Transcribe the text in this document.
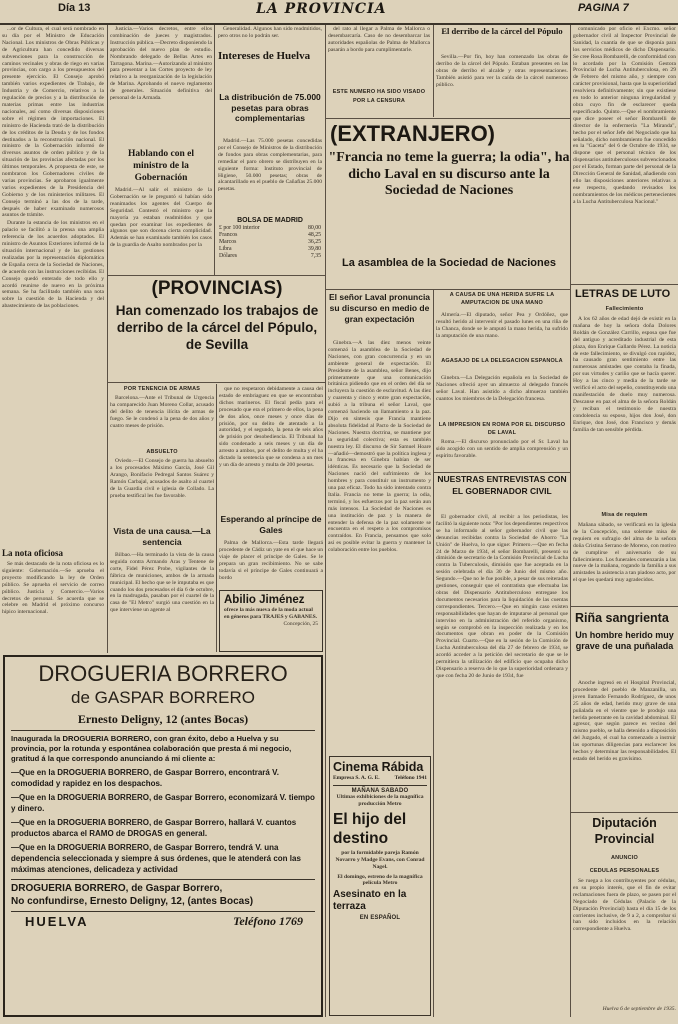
Día 13	LA PROVINCIA	PAGINA 7

...or de Cultura, el cual será nombrado en su día por el Ministro de Educación Nacional. Los ministros de Obras Públicas y de Agricultura han concedido diversas subvenciones para la construcción de caminos vecinales y obras de riego en varias provincias, con cargo a los presupuestos del presente ejercicio. El Consejo aprobó también varios expedientes de Trabajo, de Industria y de Comercio, relativos a la regulación de precios y a la distribución de materias primas entre las industrias nacionales, así como diversas disposiciones sobre el régimen de importaciones. El ministro de Hacienda trató de la distribución de los créditos de la Deuda y de los fondos destinados a la reconstrucción nacional. El ministro de la Gobernación informó de diversos asuntos de orden público y de la situación de las provincias afectadas por los últimos temporales. A propuesta de este, se nombraron los Gobernadores civiles de varias provincias. Se aprobaron igualmente varios expedientes de la Presidencia del Gobierno y de los ministerios militares. El Consejo terminó a las dos de la tarde, después de haber examinado numerosos asuntos de trámite.

Durante la estancia de los ministros en el palacio se facilitó a la prensa una amplia referencia de los acuerdos adoptados. El ministro de Asuntos Exteriores informó de la situación internacional y de las gestiones realizadas por la representación diplomática de España cerca de la Sociedad de Naciones, de acuerdo con las instrucciones recibidas. El Consejo quedó enterado de todo ello y acordó reunirse de nuevo en la próxima semana. Se ha facilitado también una nota sobre la cuestión de la Hacienda y del abastecimiento de las poblaciones.

La nota oficiosa

Se más destacado de la nota oficiosa es lo siguiente: Gobernación.—Se aprueba el proyecto modificando la ley de Orden público. Se aprueba el servicio de correo público. Justicia y Comercio.—Varios decretos de personal. Se acuerda que se celebre en Madrid el próximo concurso hípico internacional.

Justicia.—Varios decretos, entre ellos combinación de jueces y magistrados. Instrucción pública.—Decreto disponiendo la aprobación del nuevo plan de estudio. Nombrando delegado de Bellas Artes en Tarragona. Marina.—Autorizando al ministro para presentar a las Cortes proyecto de ley relativo a la reorganización de la legislación de Marina. Aprobando el nuevo reglamento de generales. Situación definitiva del personal de la Armada.

Hablando con el ministro de la Gobernación

Madrid.—Al salir el ministro de la Gobernación se le preguntó si habían sido reanimados los agentes del Cuerpo de Seguridad. Contestó el ministro que la mayoría ya estaban readmitidos y que quedan por examinar los expedientes de algunos que son docena cierta complicidad. Además se han examinado también los casos de la guardia de Asalto nombrados por la

Generalidad. Algunos han sido readmitidos, pero otros no lo podrán ser.

Intereses de Huelva
La distribución de 75.000 pesetas para obras complementarias

Madrid.—Las 75.000 pesetas concedidas por el Consejo de Ministros de la distribución de fondos para obras complementarias, para remediar el paro obrero se distribuyen en la siguiente forma: Instituto provincial de Higiene, 50.000 pesetas; obras de alcantarillado en el pueblo de Cañafías 25.000 pesetas.

BOLSA DE MADRID
£ por 100 interior	80,00
Francos	48,25
Marcos	36,25
Libra	39,80
Dólares	7,35

del rato al llegar a Palma de Mallorca o desembarcaría. Caso de no desembarcar las autoridades españolas de Palma de Mallorca pasarán a bordo para cumplimentarle.

ESTE NUMERO HA SIDO VISADO POR LA CENSURA
El derribo de la cárcel del Pópulo

Sevilla.—Por fin, hoy han comenzado las obras de derribo de la cárcel del Pópulo. Estaban presentes en las obras de derribo el alcalde y otras representaciones. También asistió para ver la caída de la cárcel numeroso público.

(EXTRANJERO)
"Francia no teme la guerra; la odia", ha dicho Laval en su discurso ante la Sociedad de Naciones
La asamblea de la Sociedad de Naciones
El señor Laval pronuncia su discurso en medio de gran expectación

Ginebra.—A las diez menos veinte comenzó la asamblea de la Sociedad de Naciones, con gran concurrencia y en un ambiente general de expectación. El Presidente de la asamblea, señor Benes, dijo primeramente que una comunicación británica pidiendo que en el orden del día se incluyera la cuestión de esclavitud. A las diez y cuarenta y cinco y entre gran expectación, subió a la tribuna el señor Laval, que comenzó haciendo un llamamiento a la paz. Dijo en síntesis que Francia mantiene absoluta fidelidad al Pacto de la Sociedad de Naciones. Nuestra doctrina, se mantiene por la seguridad colectiva; esta es también nuestra ley. El discurso de Sir Samuel Hoare—añadió—demostró que la política inglesa y la francesa en Ginebra habían de ser idénticas. Es necesario que la Sociedad de Naciones nació del sufrimiento de los hombres y para constituir un instrumento y una paz eficaz. Todo ha sido intentado contra Italia. Francia no teme la guerra; la odia, terminó, y los esfuerzos por la paz serán aun más intensos. La Sociedad de Naciones es una institución de paz y la manera de entender la defensa de la paz solamente se encuentra en el respeto a los compromisos contraídos. En Francia, pensamos que solo así es posible evitar la guerra y mantener la colaboración entre los pueblos.

A CAUSA DE UNA HERIDA SUFRE LA AMPUTACION DE UNA MANO

Almería.—El diputado, señor Pea y Ordóñez, que resultó herido al intervenir el pasado lunes en una riña de la Chanca, donde se le amputó la mano herida, ha sufrido la amputación de una mano.

AGASAJO DE LA DELEGACION ESPAÑOLA

Ginebra.—La Delegación española en la Sociedad de Naciones ofreció ayer un almuerzo al delegado francés señor Laval. Han asistido a dicho almuerzo también cuantos los miembros de la Delegación francesa.

LA IMPRESION EN ROMA POR EL DISCURSO DE LAVAL

Roma.—El discurso pronunciado por el Sr. Laval ha sido acogido con un sentido de amplia comprensión y un espíritu favorable.

NUESTRAS ENTREVISTAS CON EL GOBERNADOR CIVIL

El gobernador civil, al recibir a los periodistas, les facilitó la siguiente nota: "Por los dependientes respectivos se ha informado al señor gobernador civil que las denuncias recibidas contra la Sociedad de Ahorro "La Unión" de Huelva, lo que sigue: Primero.—Que en fecha 24 de Marzo de 1934, el señor Bombarelli, presentó su dimisión de secretario de la Comisión Provincial de Lucha contra la Tuberculosis, dimisión que fue aceptada en la sesión celebrada el día 30 de Junio del mismo año. Segundo.—Que no le fue posible, a pesar de sus reiteradas gestiones, conseguir que el contratista que efectuaba las obras del Dispensario Antituberculoso entregase los documentos necesarios para la liquidación de las cuentas correspondientes. Tercero.—Que en ningún caso existen responsabilidades que hayan de imputarse al personal que intervino en la administración del referido organismo, según se comprobó en la inspección realizada y en los documentos que obran en poder de la Comisión Provincial. Cuarto.—Que en la sesión de la Comisión de Lucha Antituberculosa del día 27 de febrero de 1934, se acordó acceder a la petición del secretario de que se le permitiera la utilización del edificio que ocupaba dicho Dispensario a reserva de lo que la superioridad ordenara y que con fecha 20 de Junio de 1934, fue

comunicado por oficio el Excmo. señor gobernador civil al Inspector Provincial de Sanidad, la cuantía de que se disponía para los servicios médicos de dicho Dispensario. Se cree Rosa Bombarelli, de conformidad con lo acordado por la Comisión Gestora Provincial de Lucha Antituberculosa, en 29 de Febrero del mismo año, y siempre con carácter provisional, hasta que la superioridad resolviera definitivamente; sin que existiese en todo lo anterior ninguna irregularidad y obra cuyo fin de esclarecer queda especificado. Quinto.—Que el nombramiento que dice poseer el señor Bombarelli de director de la enfermería "La Miranda", hecho por el señor Jefe del Negociado que ha señalado, dicho nombramiento fue concedido en la "Gaceta" del 6 de Octubre de 1934, se dispone que el personal técnico de los dispensarios antituberculosos subvencionados por el Estado, forman parte del personal de la Dirección General de Sanidad, añadiendo con ello las disposiciones anteriores relativas a ese respecto, quedando revisados los nombramientos de los médicos pertenecientes a la Lucha Antituberculosa Nacional."

LETRAS DE LUTO
Fallecimiento

A los 62 años de edad dejó de existir en la mañana de hoy la señora doña Dolores Roldán de González Carrillo, esposa que fue del antiguo y acreditado industrial de esta plaza, don Enrique Gallardo Pérez. La noticia de este fallecimiento, se divulgó con rapidez, ha causado gran sentimiento entre las numerosas amistades que contaba la finada, por sus virtudes y cariño que se hacía querer. Hoy a las cinco y media de la tarde se verificó el acto del sepelio, constituyendo una manifestación de duelo muy numerosa. Descanse en paz el alma de la señora Roldán y reciban el testimonio de nuestra condolencia su esposo, hijos don José, don Enrique, don José, don Francisco y demás familia de tan sensible pérdida.

Misa de requiem

Mañana sábado, se verificará en la iglesia de la Concepción, una solemne misa de requiem en sufragio del alma de la señora doña Cristina Serrano de Moreno, con motivo de cumplirse el aniversario de su fallecimiento. Los funerales comenzarán a las nueve de la mañana, rogando la familia a sus amistades la asistencia a tan piadoso acto, por el que les quedará muy agradecidos.

Riña sangrienta
Un hombre herido muy grave de una puñalada

Anoche ingresó en el Hospital Provincial, procedente del pueblo de Manzanilla, un joven llamado Fernando Rodríguez, de unos 25 años de edad, herido muy grave de una puñalada en el vientre que le produjo una herida penetrante en la cavidad abdominal. El agresor, que según parece es vecino del mismo pueblo, se halla detenido a disposición del Juzgado, el cual ha comenzado a instruir las oportunas diligencias para esclarecer los hechos y determinar las responsabilidades. El estado del herido es gravísimo.

Diputación Provincial
ANUNCIO
CEDULAS PERSONALES

Se ruega a los contribuyentes por cédulas, en su propio interés, que el fin de evitar reclamaciones fuera de plazo, se pasen por el Negociado de Cédulas (Palacio de la Diputación Provincial) hasta el día 15 de los corrientes inclusive, de 9 a 2, a comprobar si han sido incluidos en la relación correspondiente a Huelva.

Huelva 6 de septiembre de 1935.
(PROVINCIAS)
Han comenzado los trabajos de derribo de la cárcel del Pópulo, de Sevilla
POR TENENCIA DE ARMAS

Barcelona.—Ante el Tribunal de Urgencia ha comparecido Juan Moreno Collar, acusado del delito de tenencia ilícita de armas de fuego. Se le condenó a la pena de dos años y cuatro meses de prisión.

ABSUELTO

Oviedo.—El Consejo de guerra ha absuelto a los procesados Máximo García, José Gil Arango, Bonifacio Pedregal Santos Suárez y Ramón Carbajal, acusados de asalto al cuartel de la Guardia civil e iglesia de Collado. La prueba testifical les fue favorable.

Vista de una causa.—La sentencia

Bilbao.—Ha terminado la vista de la causa seguida contra Armando Aras y Tentene de corte, Fidel Pérez Probe, vigilantes de la fábrica de municiones, ambos de la armada municipal. El hecho que se le imputaba es que cuando los dos procesados el día 6 de octubre, en la madrugada, pasaban por el cuartel de la casa de "El Metro" surgió una cuestión en la que interviene un agente al

que no respetaron debidamente a causa del estado de embriaguez en que se encontraban dichos marineros. El fiscal pedía para el procesado que era el primero de ellos, la pena de dos años, once meses y once días de prisión, por su delito de atentado a la autoridad, y el segundo, la pena de seis años de prisión por desobediencia. El Tribunal ha sido condenado a seis meses y un día de arresto a ambos, por el delito de multa y el ha dictado la sentencia que se condena a un mes y un día de arresto y multa de 200 pesetas.

Esperando al príncipe de Gales

Palma de Mallorca.—Esta tarde llegará procedente de Cádiz un yate en el que hace un viaje de placer el príncipe de Gales. Se le prepara un gran recibimiento. No se sabe todavía si el príncipe de Gales continuará a bordo

Abilio Jiménez
ofrece la más nueva de la moda actual en géneros para TRAJES y GABANES.
Concepción, 25
DROGUERIA BORRERO
de GASPAR BORRERO
Ernesto Deligny, 12 (antes Bocas)
Inaugurada la DROGUERIA BORRERO, con gran éxito, debo a Huelva y su provincia, por la rotunda y espontánea colaboración que presta á mi negocio, gratitud á la que correspondo anunciando á mi cliente a:
—Que en la DROGUERIA BORRERO, de Gaspar Borrero, encontrará V. comodidad y rapidez en los despachos.
—Que en la DROGUERIA BORRERO, de Gaspar Borrero, economizará V. tiempo y dinero.
—Que en la DROGUERIA BORRERO, de Gaspar Borrero, hallará V. cuantos productos abarca el RAMO de DROGAS en general.
—Que en la DROGUERIA BORRERO, de Gaspar Borrero, tendrá V. una dependencia seleccionada y siempre á sus órdenes, que le atenderá con las máximas atenciones, delicadeza y actividad
DROGUERIA BORRERO, de Gaspar Borrero,
No confundirse, Ernesto Deligny, 12, (antes Bocas)
HUELVA	Teléfono 1769
Cinema Rábida
Empresa S. A. G. E.	Teléfono 1941
MAÑANA SABADO
Ultimas exhibiciones de la magnífica producción Metro
El hijo del destino
por la formidable pareja Ramón Novarro y Madge Evans, con Conrad Nagel.
El domingo, estreno de la magnífica película Metro
Asesinato en la terraza
EN ESPAÑOL
